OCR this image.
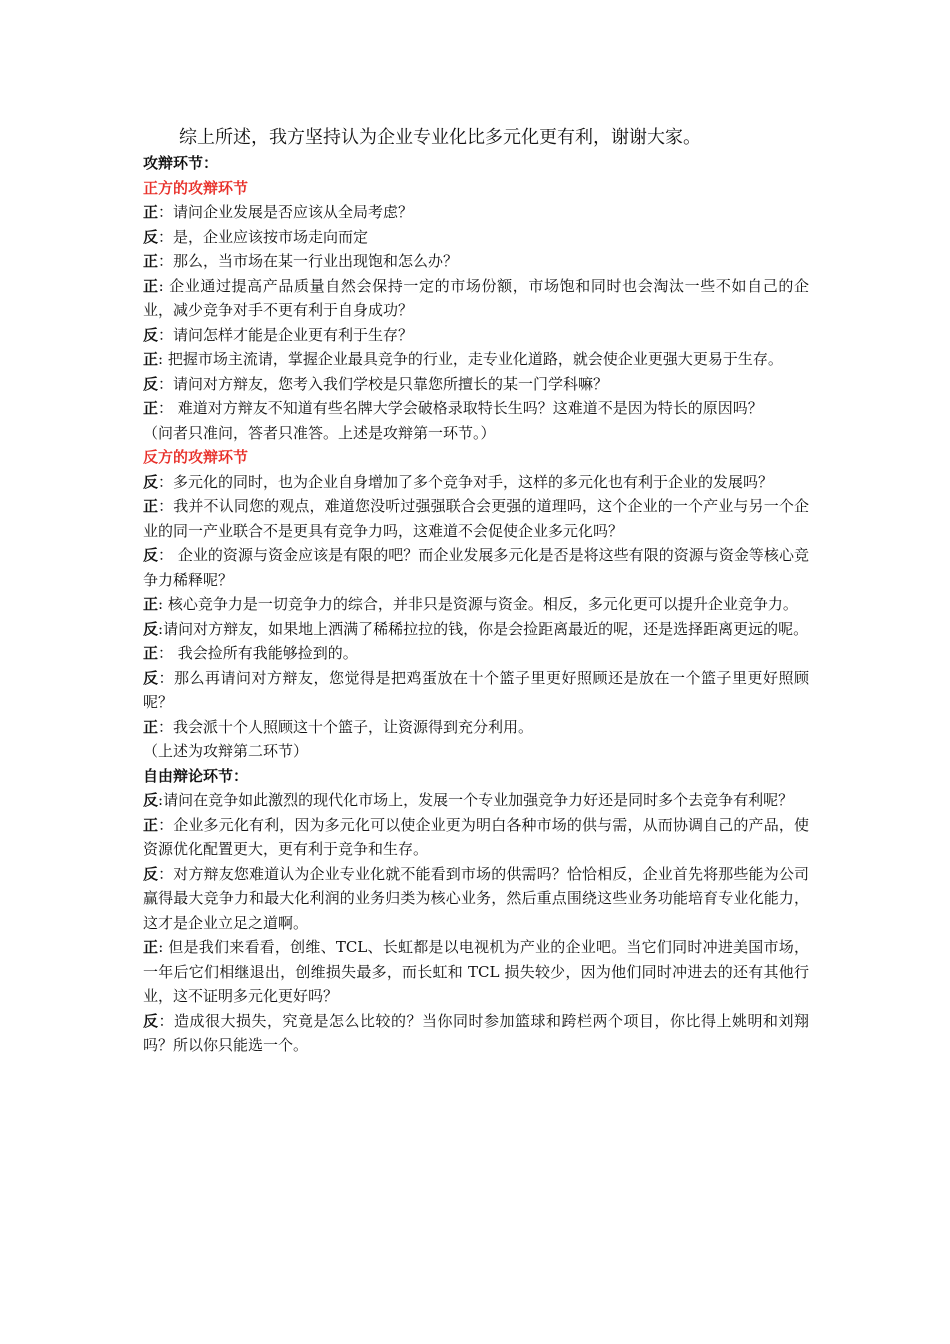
综上所述，我方坚持认为企业专业化比多元化更有利，谢谢大家。

攻辩环节：

正方的攻辩环节

正：请问企业发展是否应该从全局考虑？

反：是，企业应该按市场走向而定

正：那么，当市场在某一行业出现饱和怎么办？

正: 企业通过提高产品质量自然会保持一定的市场份额，市场饱和同时也会淘汰一些不如自己的企业，减少竞争对手不更有利于自身成功？

反：请问怎样才能是企业更有利于生存？

正: 把握市场主流请，掌握企业最具竞争的行业，走专业化道路，就会使企业更强大更易于生存。

反：请问对方辩友，您考入我们学校是只靠您所擅长的某一门学科嘛？

正： 难道对方辩友不知道有些名牌大学会破格录取特长生吗？这难道不是因为特长的原因吗？

（问者只准问，答者只准答。上述是攻辩第一环节。）

反方的攻辩环节

反：多元化的同时，也为企业自身增加了多个竞争对手，这样的多元化也有利于企业的发展吗？

正：我并不认同您的观点，难道您没听过强强联合会更强的道理吗，这个企业的一个产业与另一个企业的同一产业联合不是更具有竞争力吗，这难道不会促使企业多元化吗？

反： 企业的资源与资金应该是有限的吧？而企业发展多元化是否是将这些有限的资源与资金等核心竞争力稀释呢？

正: 核心竞争力是一切竞争力的综合，并非只是资源与资金。相反，多元化更可以提升企业竞争力。

反:请问对方辩友，如果地上洒满了稀稀拉拉的钱，你是会捡距离最近的呢，还是选择距离更远的呢。

正： 我会捡所有我能够捡到的。

反：那么再请问对方辩友，您觉得是把鸡蛋放在十个篮子里更好照顾还是放在一个篮子里更好照顾呢？

正：我会派十个人照顾这十个篮子，让资源得到充分利用。

（上述为攻辩第二环节）

自由辩论环节：

反:请问在竞争如此激烈的现代化市场上，发展一个专业加强竞争力好还是同时多个去竞争有利呢？

正：企业多元化有利，因为多元化可以使企业更为明白各种市场的供与需，从而协调自己的产品，使资源优化配置更大，更有利于竞争和生存。

反：对方辩友您难道认为企业专业化就不能看到市场的供需吗？恰恰相反，企业首先将那些能为公司赢得最大竞争力和最大化利润的业务归类为核心业务，然后重点围绕这些业务功能培育专业化能力，这才是企业立足之道啊。

正: 但是我们来看看，创维、TCL、长虹都是以电视机为产业的企业吧。当它们同时冲进美国市场，一年后它们相继退出，创维损失最多，而长虹和 TCL 损失较少，因为他们同时冲进去的还有其他行业，这不证明多元化更好吗？

反：造成很大损失，究竟是怎么比较的？当你同时参加篮球和跨栏两个项目，你比得上姚明和刘翔吗？所以你只能选一个。
